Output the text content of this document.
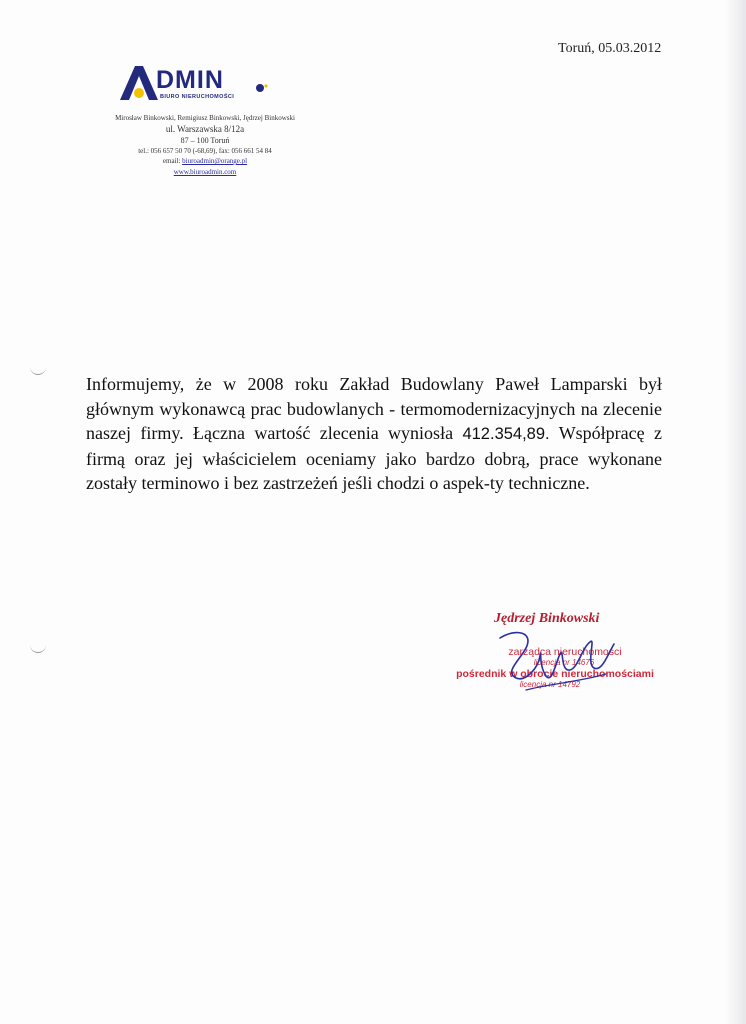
Toruń, 05.03.2012
DMIN
BIURO NIERUCHOMOŚCI
Mirosław Binkowski, Remigiusz Binkowski, Jędrzej Binkowski
ul. Warszawska 8/12a
87 – 100 Toruń
tel.: 056 657 50 70 (-68,69), fax: 056 661 54 84
email: biuroadmin@orange.pl
www.biuroadmin.com
Informujemy, że w 2008 roku Zakład Budowlany Paweł Lamparski był głównym wykonawcą prac budowlanych - termomodernizacyjnych na zlecenie naszej firmy. Łączna wartość zlecenia wyniosła 412.354,89. Współpracę z firmą oraz jej właścicielem oceniamy jako bardzo dobrą, prace wykonane zostały terminowo i bez zastrzeżeń jeśli chodzi o aspek-ty techniczne.
Jędrzej Binkowski
zarządca nieruchomości
licencja nr 14676
pośrednik w obrocie nieruchomościami
licencja nr 14792
